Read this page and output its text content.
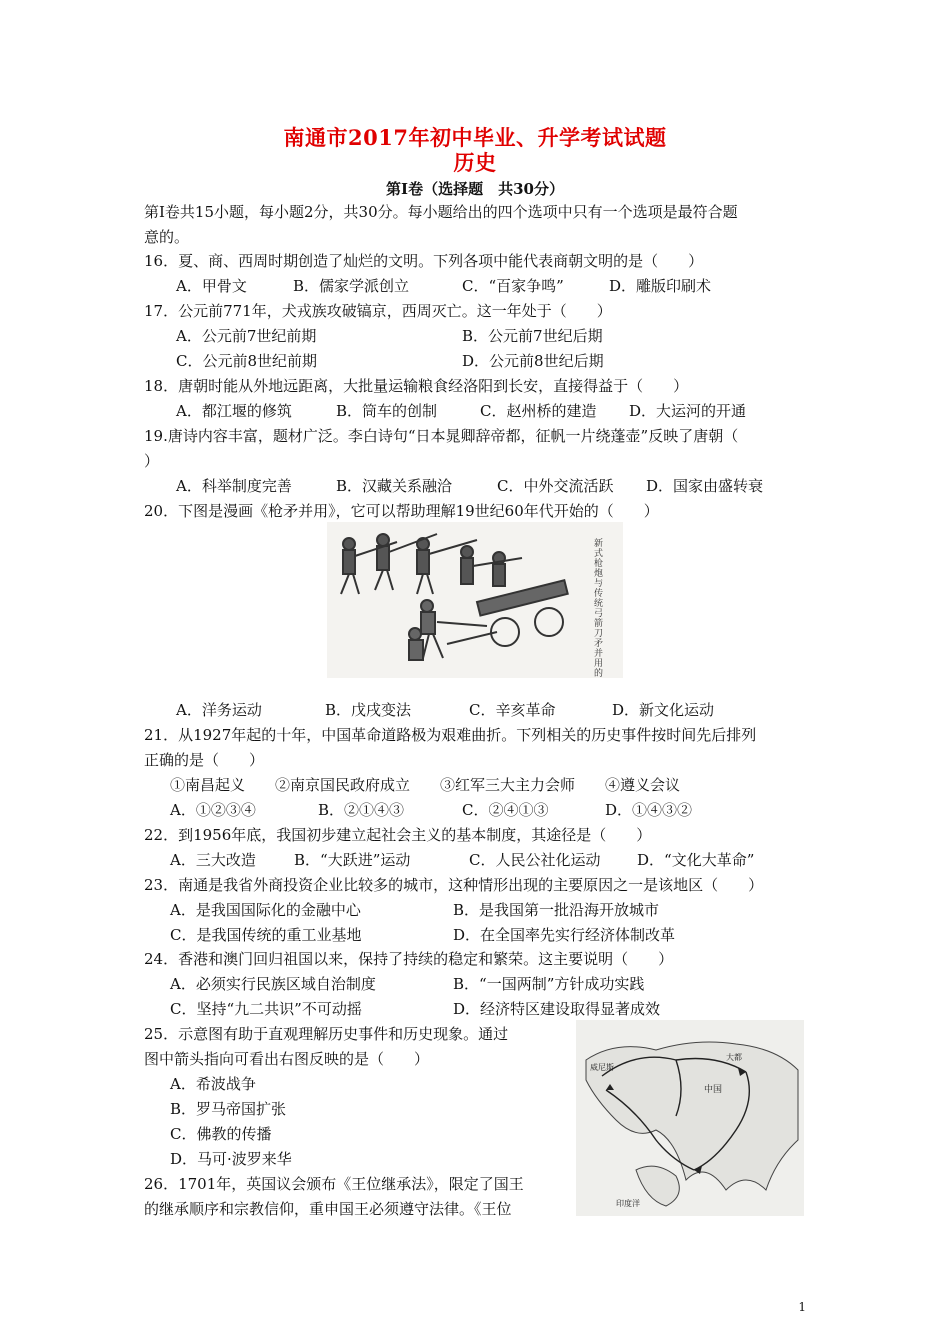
南通市2017年初中毕业、升学考试试题
历史
第Ⅰ卷（选择题　共30分）
第Ⅰ卷共15小题，每小题2分，共30分。每小题给出的四个选项中只有一个选项是最符合题
意的。
16．夏、商、西周时期创造了灿烂的文明。下列各项中能代表商朝文明的是（　　）
A．甲骨文	B．儒家学派创立	C．“百家争鸣”	D．雕版印刷术
17．公元前771年，犬戎族攻破镐京，西周灭亡。这一年处于（　　）
A．公元前7世纪前期	B．公元前7世纪后期
C．公元前8世纪前期	D．公元前8世纪后期
18．唐朝时能从外地远距离，大批量运输粮食经洛阳到长安，直接得益于（　　）
A．都江堰的修筑	B．筒车的创制	C．赵州桥的建造 D．大运河的开通
19.唐诗内容丰富，题材广泛。李白诗句“日本晁卿辞帝都，征帆一片绕蓬壶”反映了唐朝（
）
A．科举制度完善	B．汉藏关系融洽	C．中外交流活跃 D．国家由盛转衰
20．下图是漫画《枪矛并用》，它可以帮助理解19世纪60年代开始的（　　）
新式枪炮与传统弓箭刀矛并用的清军
A．洋务运动	B．戊戌变法	C．辛亥革命	D．新文化运动
21．从1927年起的十年，中国革命道路极为艰难曲折。下列相关的历史事件按时间先后排列
正确的是（　　）
①南昌起义　　②南京国民政府成立　　③红军三大主力会师　　④遵义会议
A．①②③④	B．②①④③	C．②④①③	D．①④③②
22．到1956年底，我国初步建立起社会主义的基本制度，其途径是（　　）
A．三大改造	B．“大跃进”运动	C．人民公社化运动 D．“文化大革命”
23．南通是我省外商投资企业比较多的城市，这种情形出现的主要原因之一是该地区（　　）
A．是我国国际化的金融中心	B．是我国第一批沿海开放城市
C．是我国传统的重工业基地	D．在全国率先实行经济体制改革
24．香港和澳门回归祖国以来，保持了持续的稳定和繁荣。这主要说明（　　）
A．必须实行民族区域自治制度	B．“一国两制”方针成功实践
C．坚持“九二共识”不可动摇	D．经济特区建设取得显著成效
25．示意图有助于直观理解历史事件和历史现象。通过
图中箭头指向可看出右图反映的是（　　）
A．希波战争
B．罗马帝国扩张
C．佛教的传播
D．马可·波罗来华
威尼斯
中国
大都
印度洋
26．1701年，英国议会颁布《王位继承法》，限定了国王
的继承顺序和宗教信仰，重申国王必须遵守法律。《王位
1
